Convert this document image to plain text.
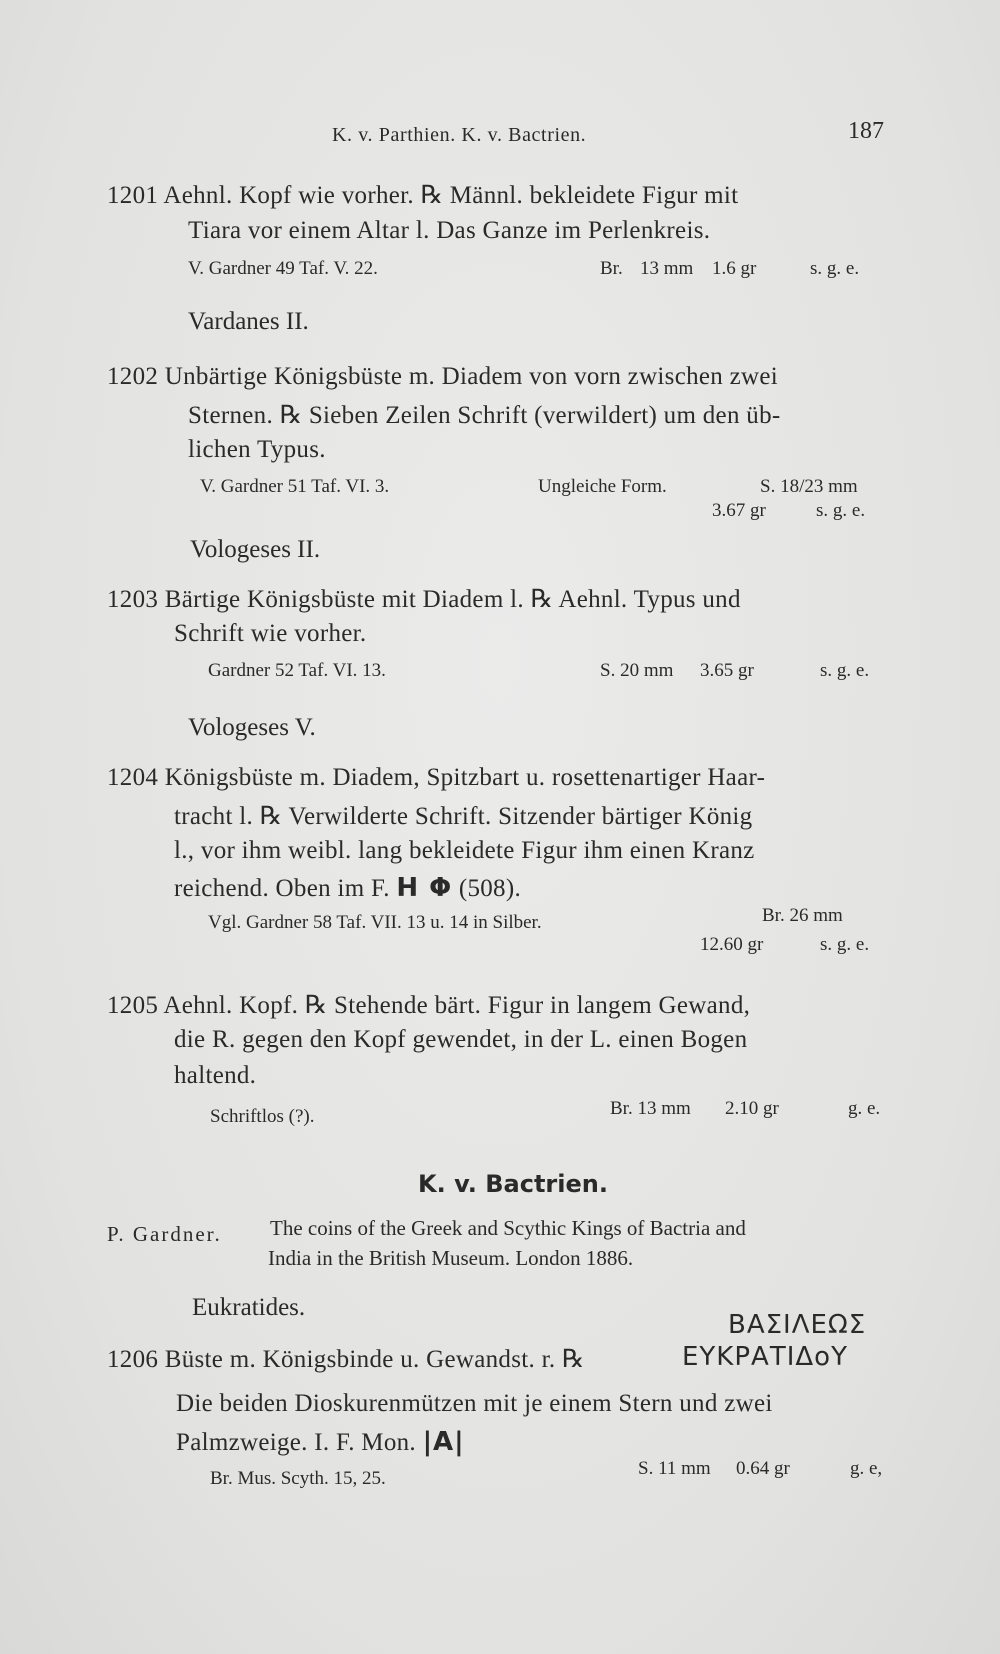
K. v. Parthien. K. v. Bactrien.	187
1201 Aehnl. Kopf wie vorher. ℞ Männl. bekleidete Figur mit
Tiara vor einem Altar l. Das Ganze im Perlenkreis.
V. Gardner 49 Taf. V. 22.	Br. 13 mm 1.6 gr	s. g. e.
Vardanes II.
1202 Unbärtige Königsbüste m. Diadem von vorn zwischen zwei
Sternen. ℞ Sieben Zeilen Schrift (verwildert) um den üb-
lichen Typus.
V. Gardner 51 Taf. VI. 3.	Ungleiche Form.	S. 18/23 mm
3.67 gr	s. g. e.
Vologeses II.
1203 Bärtige Königsbüste mit Diadem l. ℞ Aehnl. Typus und
Schrift wie vorher.
Gardner 52 Taf. VI. 13.	S. 20 mm 3.65 gr	s. g. e.
Vologeses V.
1204 Königsbüste m. Diadem, Spitzbart u. rosettenartiger Haar-
tracht l. ℞ Verwilderte Schrift. Sitzender bärtiger König
l., vor ihm weibl. lang bekleidete Figur ihm einen Kranz
reichend. Oben im F. Η Φ (508).
Vgl. Gardner 58 Taf. VII. 13 u. 14 in Silber.	Br. 26 mm
12.60 gr	s. g. e.
1205 Aehnl. Kopf. ℞ Stehende bärt. Figur in langem Gewand,
die R. gegen den Kopf gewendet, in der L. einen Bogen
haltend.
Schriftlos (?).	Br. 13 mm 2.10 gr	g. e.
K. v. Bactrien.
P. Gardner. The coins of the Greek and Scythic Kings of Bactria and
India in the British Museum. London 1886.
Eukratides.
ΒΑΣΙΛΕΩΣ
ΕΥΚΡΑΤΙΔοΥ
1206 Büste m. Königsbinde u. Gewandst. r. ℞
Die beiden Dioskurenmützen mit je einem Stern und zwei
Palmzweige. I. F. Mon. |A|
Br. Mus. Scyth. 15, 25.	S. 11 mm 0.64 gr	g. e,
